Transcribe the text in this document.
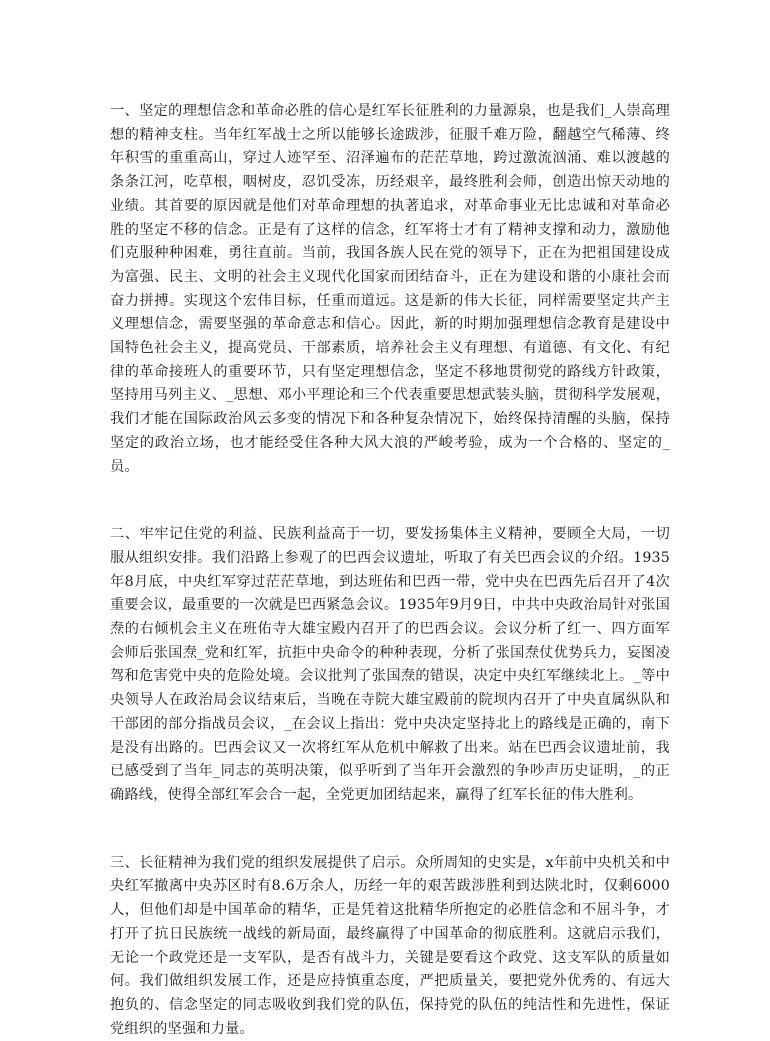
一、坚定的理想信念和革命必胜的信心是红军长征胜利的力量源泉，也是我们_人崇高理想的精神支柱。当年红军战士之所以能够长途跋涉，征服千难万险，翻越空气稀薄、终年积雪的重重高山，穿过人迹罕至、沼泽遍布的茫茫草地，跨过激流汹涌、难以渡越的条条江河，吃草根，咽树皮，忍饥受冻，历经艰辛，最终胜利会师，创造出惊天动地的业绩。其首要的原因就是他们对革命理想的执著追求，对革命事业无比忠诚和对革命必胜的坚定不移的信念。正是有了这样的信念，红军将士才有了精神支撑和动力，激励他们克服种种困难，勇往直前。当前，我国各族人民在党的领导下，正在为把祖国建设成为富强、民主、文明的社会主义现代化国家而团结奋斗，正在为建设和谐的小康社会而奋力拼搏。实现这个宏伟目标，任重而道远。这是新的伟大长征，同样需要坚定共产主义理想信念，需要坚强的革命意志和信心。因此，新的时期加强理想信念教育是建设中国特色社会主义，提高党员、干部素质，培养社会主义有理想、有道德、有文化、有纪律的革命接班人的重要环节，只有坚定理想信念，坚定不移地贯彻党的路线方针政策，坚持用马列主义、_思想、邓小平理论和三个代表重要思想武装头脑，贯彻科学发展观，我们才能在国际政治风云多变的情况下和各种复杂情况下，始终保持清醒的头脑，保持坚定的政治立场，也才能经受住各种大风大浪的严峻考验，成为一个合格的、坚定的_员。

二、牢牢记住党的利益、民族利益高于一切，要发扬集体主义精神，要顾全大局，一切服从组织安排。我们沿路上参观了的巴西会议遗址，听取了有关巴西会议的介绍。1935年8月底，中央红军穿过茫茫草地，到达班佑和巴西一带，党中央在巴西先后召开了4次重要会议，最重要的一次就是巴西紧急会议。1935年9月9日，中共中央政治局针对张国焘的右倾机会主义在班佑寺大雄宝殿内召开了的巴西会议。会议分析了红一、四方面军会师后张国焘_党和红军，抗拒中央命令的种种表现，分析了张国焘仗优势兵力，妄图凌驾和危害党中央的危险处境。会议批判了张国焘的错误，决定中央红军继续北上。_等中央领导人在政治局会议结束后，当晚在寺院大雄宝殿前的院坝内召开了中央直属纵队和干部团的部分指战员会议，_在会议上指出：党中央决定坚持北上的路线是正确的，南下是没有出路的。巴西会议又一次将红军从危机中解救了出来。站在巴西会议遗址前，我已感受到了当年_同志的英明决策，似乎听到了当年开会激烈的争吵声历史证明，_的正确路线，使得全部红军会合一起，全党更加团结起来，赢得了红军长征的伟大胜利。

三、长征精神为我们党的组织发展提供了启示。众所周知的史实是，x年前中央机关和中央红军撤离中央苏区时有8.6万余人，历经一年的艰苦跋涉胜利到达陕北时，仅剩6000人，但他们却是中国革命的精华，正是凭着这批精华所抱定的必胜信念和不屈斗争，才打开了抗日民族统一战线的新局面，最终赢得了中国革命的彻底胜利。这就启示我们，无论一个政党还是一支军队，是否有战斗力，关键是要看这个政党、这支军队的质量如何。我们做组织发展工作，还是应持慎重态度，严把质量关，要把党外优秀的、有远大抱负的、信念坚定的同志吸收到我们党的队伍，保持党的队伍的纯洁性和先进性，保证党组织的坚强和力量。
